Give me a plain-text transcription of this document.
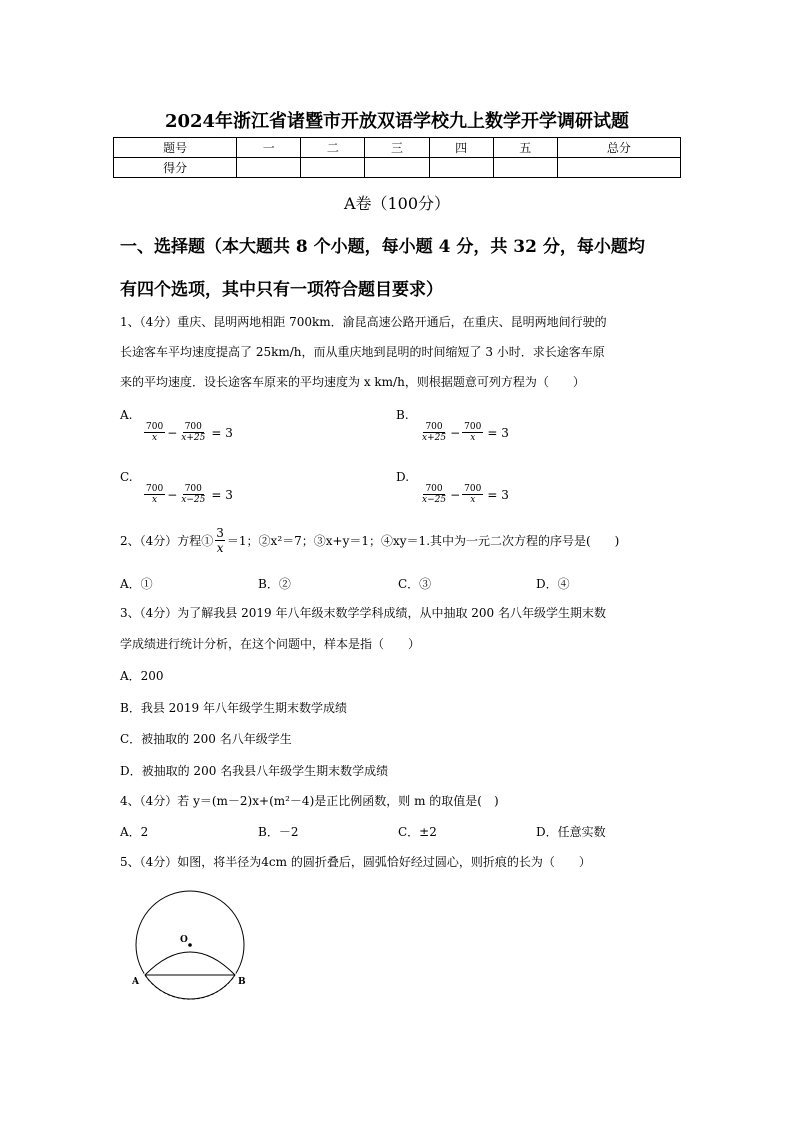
2024年浙江省诸暨市开放双语学校九上数学开学调研试题
题号	一	二	三	四	五	总分
得分						
A卷（100分）
一、选择题（本大题共 8 个小题，每小题 4 分，共 32 分，每小题均
有四个选项，其中只有一项符合题目要求）
1、（4分）重庆、昆明两地相距 700km．渝昆高速公路开通后，在重庆、昆明两地间行驶的
长途客车平均速度提高了 25km/h，而从重庆地到昆明的时间缩短了 3 小时．求长途客车原
来的平均速度．设长途客车原来的平均速度为 x km/h，则根据题意可列方程为（　　）
A.
$\frac{700}{x} - \frac{700}{x+25} = 3$
B.
$\frac{700}{x+25} - \frac{700}{x} = 3$
C.
$\frac{700}{x} - \frac{700}{x-25} = 3$
D.
$\frac{700}{x-25} - \frac{700}{x} = 3$
2、（4分）方程① $\frac{3}{x} =1$；②x²＝7；③x+y＝1；④xy＝1.其中为一元二次方程的序号是(　　)
A．①	B．②	C．③	D．④
3、（4分）为了解我县 2019 年八年级末数学学科成绩，从中抽取 200 名八年级学生期末数
学成绩进行统计分析，在这个问题中，样本是指（　　）
A．200
B．我县 2019 年八年级学生期末数学成绩
C．被抽取的 200 名八年级学生
D．被抽取的 200 名我县八年级学生期末数学成绩
4、（4分）若 y＝(m－2)x+(m²－4)是正比例函数，则 m 的取值是(　)
A．2	B．－2	C．±2	D．任意实数
5、（4分）如图，将半径为4cm 的圆折叠后，圆弧恰好经过圆心，则折痕的长为（　　）
O
A	B
